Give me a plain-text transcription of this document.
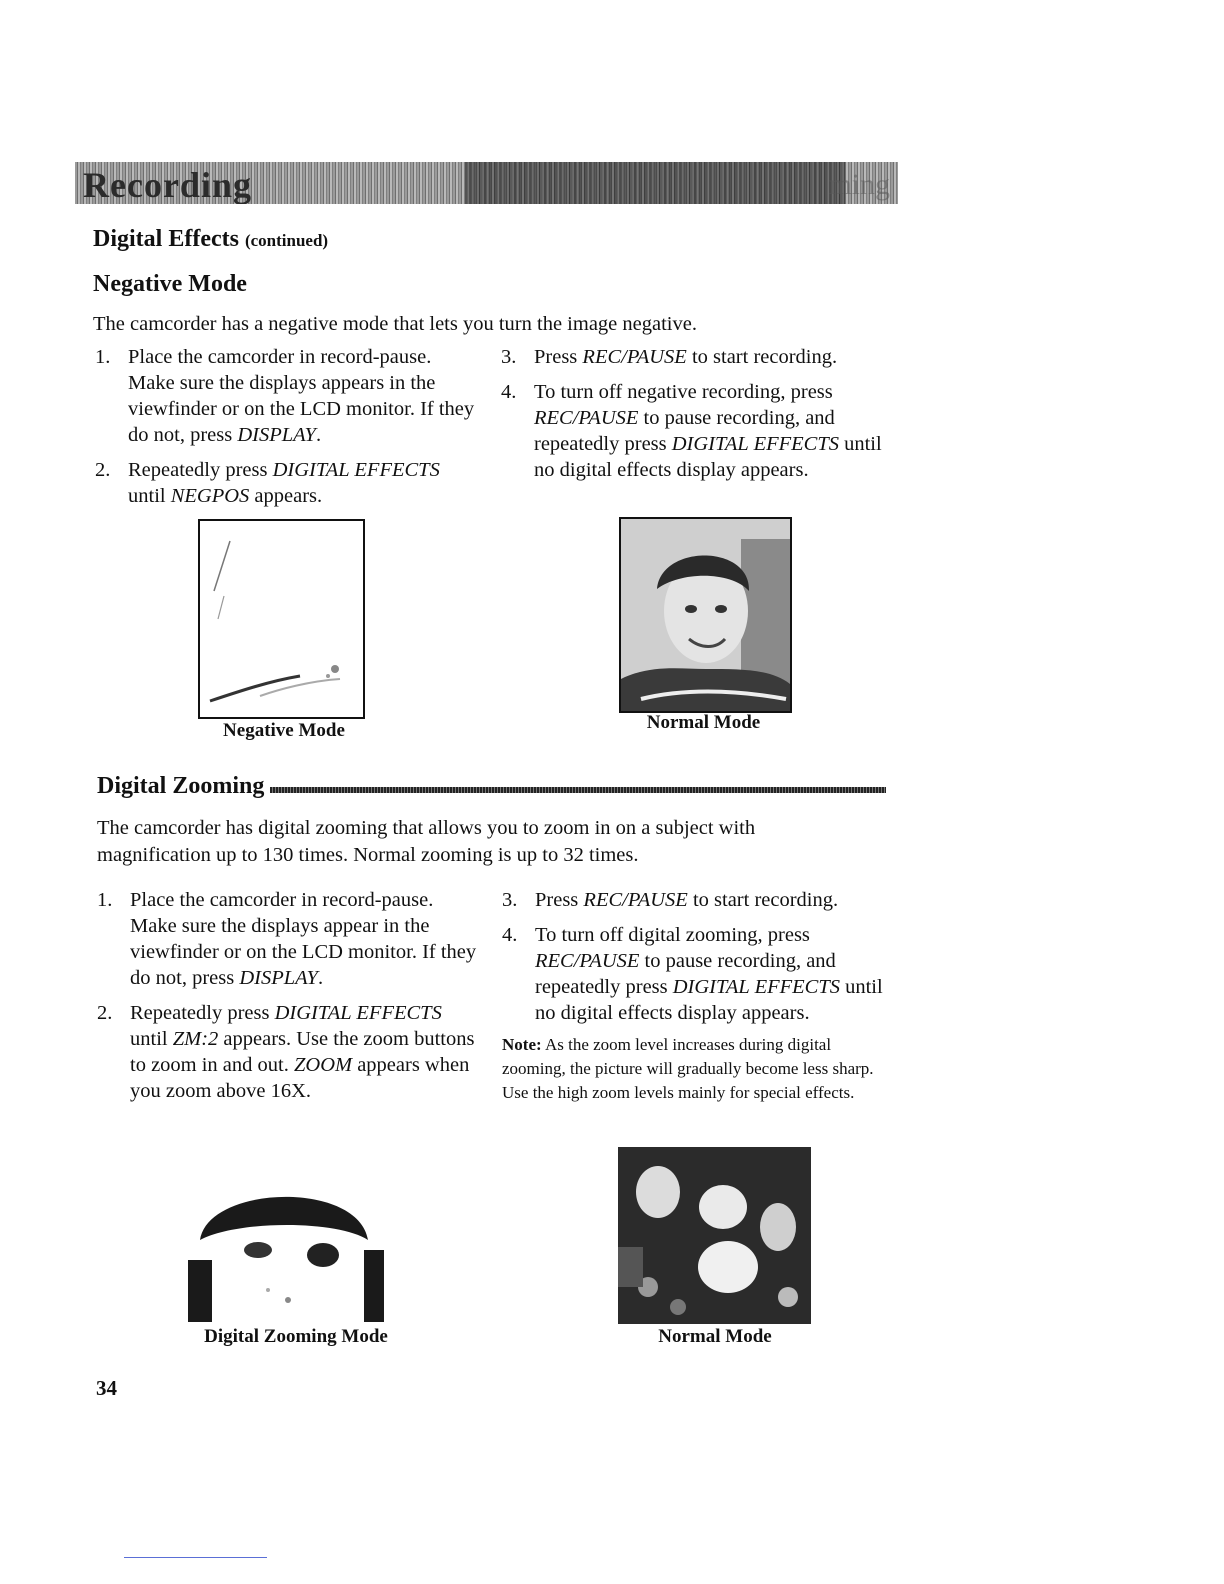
Recording	ming
Digital Effects (continued)
Negative Mode
The camcorder has a negative mode that lets you turn the image negative.
1. Place the camcorder in record-pause. Make sure the displays appears in the viewfinder or on the LCD monitor. If they do not, press DISPLAY.
2. Repeatedly press DIGITAL EFFECTS until NEGPOS appears.
3. Press REC/PAUSE to start recording.
4. To turn off negative recording, press REC/PAUSE to pause recording, and repeatedly press DIGITAL EFFECTS until no digital effects display appears.
Negative Mode	Normal Mode
Digital Zooming
The camcorder has digital zooming that allows you to zoom in on a subject with magnification up to 130 times. Normal zooming is up to 32 times.
1. Place the camcorder in record-pause. Make sure the displays appear in the viewfinder or on the LCD monitor. If they do not, press DISPLAY.
2. Repeatedly press DIGITAL EFFECTS until ZM:2 appears. Use the zoom buttons to zoom in and out. ZOOM appears when you zoom above 16X.
3. Press REC/PAUSE to start recording.
4. To turn off digital zooming, press REC/PAUSE to pause recording, and repeatedly press DIGITAL EFFECTS until no digital effects display appears.
Note: As the zoom level increases during digital zooming, the picture will gradually become less sharp. Use the high zoom levels mainly for special effects.
Digital Zooming Mode	Normal Mode
34
